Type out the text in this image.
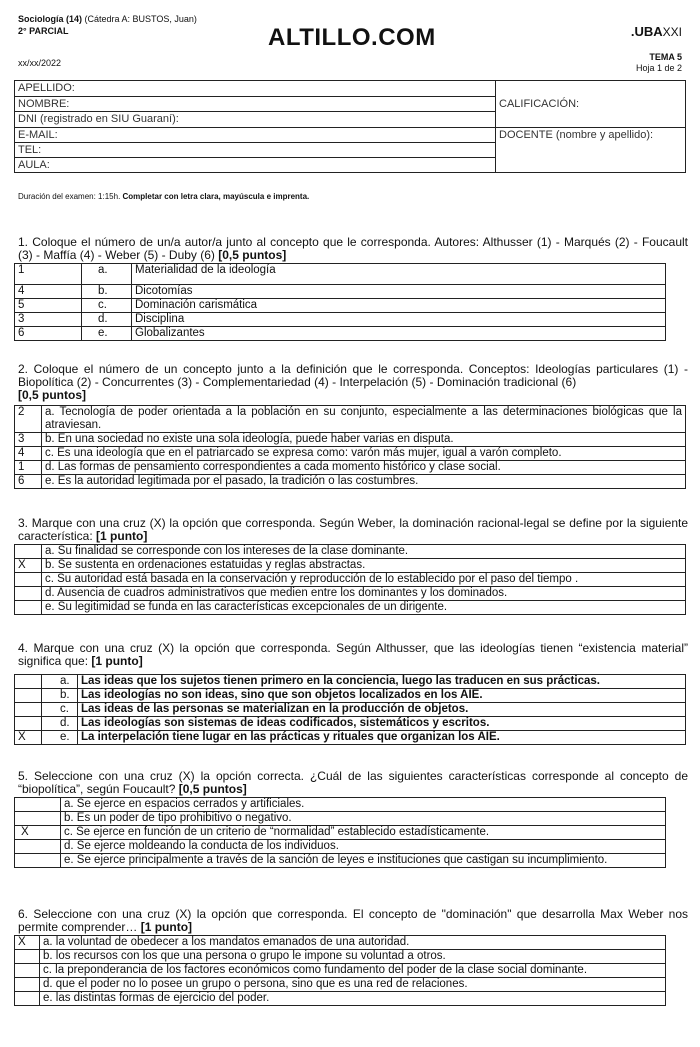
Sociología (14) (Cátedra A: BUSTOS, Juan)
2° PARCIAL	ALTILLO.COM	.UBAXXI
TEMA 5
Hoja 1 de 2
xx/xx/2022
APELLIDO:	CALIFICACIÓN:
NOMBRE:	
DNI (registrado en SIU Guaraní):	
E-MAIL:	DOCENTE (nombre y apellido):
TEL:	
AULA:	
Duración del examen: 1:15h. Completar con letra clara, mayúscula e imprenta.
1. Coloque el número de un/a autor/a junto al concepto que le corresponda. Autores: Althusser (1) - Marqués (2) - Foucault (3) - Maffía (4) - Weber (5) - Duby (6) [0,5 puntos]
1	a.	Materialidad de la ideología
4	b.	Dicotomías
5	c.	Dominación carismática
3	d.	Disciplina
6	e.	Globalizantes
2. Coloque el número de un concepto junto a la definición que le corresponda. Conceptos: Ideologías particulares (1) - Biopolítica (2) - Concurrentes (3) - Complementariedad (4) - Interpelación (5) - Dominación tradicional (6)
[0,5 puntos]
2	a. Tecnología de poder orientada a la población en su conjunto, especialmente a las determinaciones biológicas que la atraviesan.
3	b. En una sociedad no existe una sola ideología, puede haber varias en disputa.
4	c. Es una ideología que en el patriarcado se expresa como: varón más mujer, igual a varón completo.
1	d. Las formas de pensamiento correspondientes a cada momento histórico y clase social.
6	e. Es la autoridad legitimada por el pasado, la tradición o las costumbres.
3. Marque con una cruz (X) la opción que corresponda. Según Weber, la dominación racional-legal se define por la siguiente característica: [1 punto]
	a. Su finalidad se corresponde con los intereses de la clase dominante.
X	b. Se sustenta en ordenaciones estatuidas y reglas abstractas.
	c. Su autoridad está basada en la conservación y reproducción de lo establecido por el paso del tiempo .
	d. Ausencia de cuadros administrativos que medien entre los dominantes y los dominados.
	e. Su legitimidad se funda en las características excepcionales de un dirigente.
4. Marque con una cruz (X) la opción que corresponda. Según Althusser, que las ideologías tienen “existencia material” significa que: [1 punto]
	a.	Las ideas que los sujetos tienen primero en la conciencia, luego las traducen en sus prácticas.
	b.	Las ideologías no son ideas, sino que son objetos localizados en los AIE.
	c.	Las ideas de las personas se materializan en la producción de objetos.
	d.	Las ideologías son sistemas de ideas codificados, sistemáticos y escritos.
X	e.	La interpelación tiene lugar en las prácticas y rituales que organizan los AIE.
5. Seleccione con una cruz (X) la opción correcta. ¿Cuál de las siguientes características corresponde al concepto de “biopolítica”, según Foucault? [0,5 puntos]
	a. Se ejerce en espacios cerrados y artificiales.
	b. Es un poder de tipo prohibitivo o negativo.
X	c. Se ejerce en función de un criterio de “normalidad” establecido estadísticamente.
	d. Se ejerce moldeando la conducta de los individuos.
	e. Se ejerce principalmente a través de la sanción de leyes e instituciones que castigan su incumplimiento.
6. Seleccione con una cruz (X) la opción que corresponda. El concepto de "dominación" que desarrolla Max Weber nos permite comprender… [1 punto]
X	a. la voluntad de obedecer a los mandatos emanados de una autoridad.
	b. los recursos con los que una persona o grupo le impone su voluntad a otros.
	c. la preponderancia de los factores económicos como fundamento del poder de la clase social dominante.
	d. que el poder no lo posee un grupo o persona, sino que es una red de relaciones.
	e. las distintas formas de ejercicio del poder.
